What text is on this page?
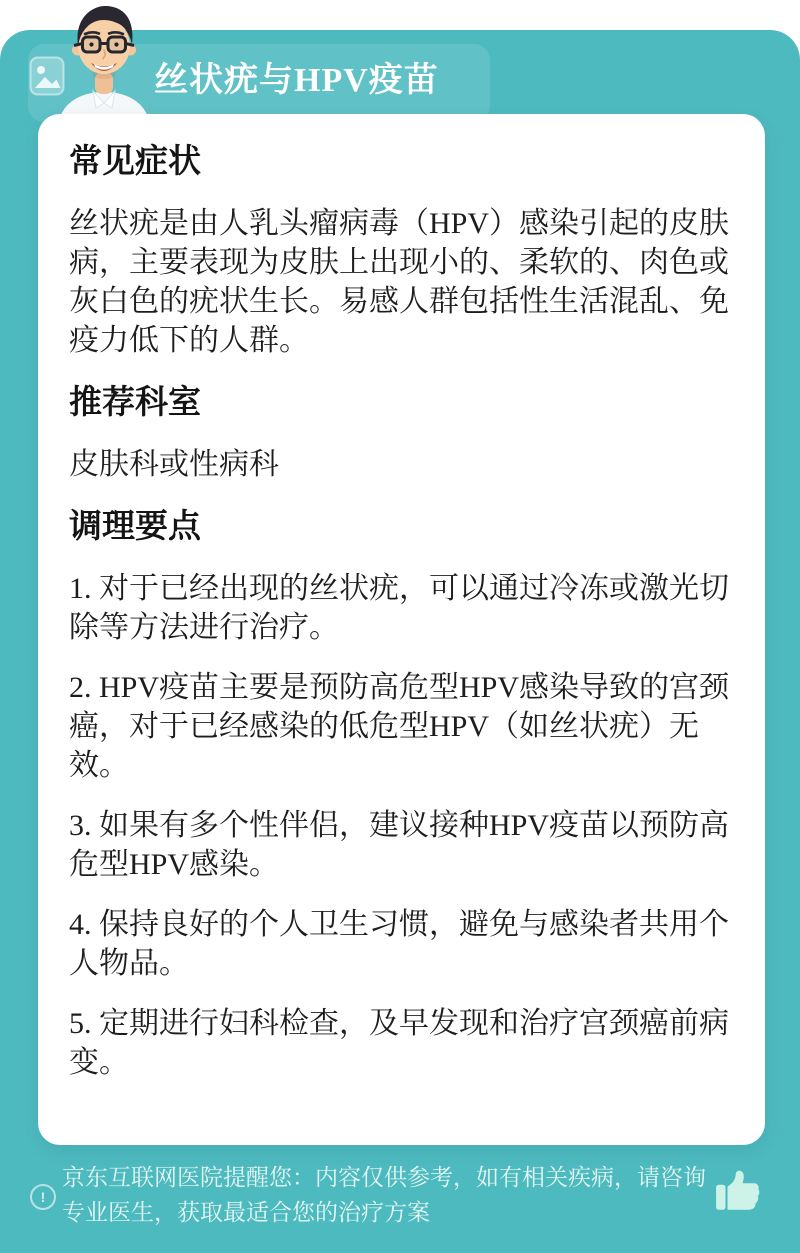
丝状疣与HPV疫苗
常见症状

丝状疣是由人乳头瘤病毒（HPV）感染引起的皮肤病，主要表现为皮肤上出现小的、柔软的、肉色或灰白色的疣状生长。易感人群包括性生活混乱、免疫力低下的人群。

推荐科室

皮肤科或性病科

调理要点

1. 对于已经出现的丝状疣，可以通过冷冻或激光切除等方法进行治疗。

2. HPV疫苗主要是预防高危型HPV感染导致的宫颈癌，对于已经感染的低危型HPV（如丝状疣）无效。

3. 如果有多个性伴侣，建议接种HPV疫苗以预防高危型HPV感染。

4. 保持良好的个人卫生习惯，避免与感染者共用个人物品。

5. 定期进行妇科检查，及早发现和治疗宫颈癌前病变。

!
京东互联网医院提醒您：内容仅供参考，如有相关疾病，请咨询专业医生，获取最适合您的治疗方案
